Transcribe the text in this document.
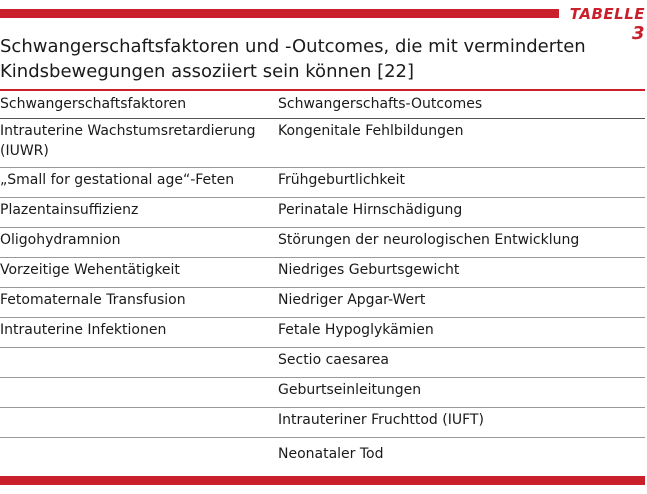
TABELLE 3
Schwangerschaftsfaktoren und -Outcomes, die mit verminderten Kindsbewegungen assoziiert sein können [22]
Schwangerschaftsfaktoren	Schwangerschafts-Outcomes

Intrauterine Wachstumsretardierung (IUWR)	Kongenitale Fehlbildungen

„Small for gestational age“-Feten	Frühgeburtlichkeit

Plazentainsuffizienz	Perinatale Hirnschädigung

Oligohydramnion	Störungen der neurologischen Entwicklung

Vorzeitige Wehentätigkeit	Niedriges Geburtsgewicht

Fetomaternale Transfusion	Niedriger Apgar-Wert

Intrauterine Infektionen	Fetale Hypoglykämien

	Sectio caesarea

	Geburtseinleitungen

	Intrauteriner Fruchttod (IUFT)

	Neonataler Tod
